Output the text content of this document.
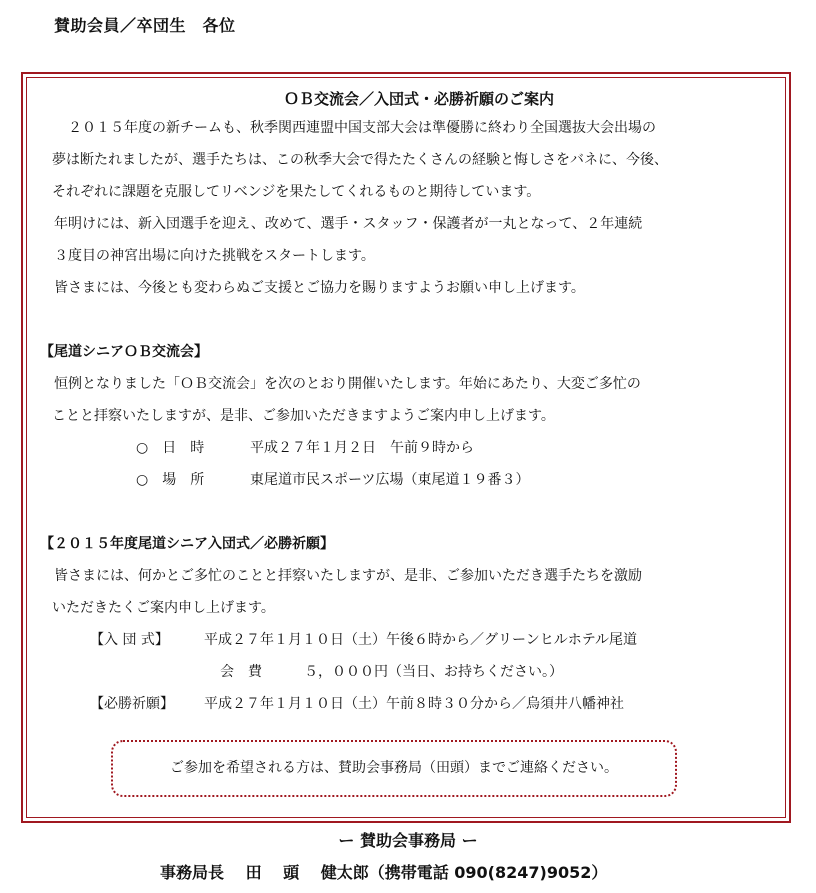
賛助会員／卒団生　各位
ＯＢ交流会／入団式・必勝祈願のご案内
２０１５年度の新チームも、秋季関西連盟中国支部大会は準優勝に終わり全国選抜大会出場の
夢は断たれましたが、選手たちは、この秋季大会で得たたくさんの経験と悔しさをバネに、今後、
それぞれに課題を克服してリベンジを果たしてくれるものと期待しています。
年明けには、新入団選手を迎え、改めて、選手・スタッフ・保護者が一丸となって、２年連続
３度目の神宮出場に向けた挑戦をスタートします。
皆さまには、今後とも変わらぬご支援とご協力を賜りますようお願い申し上げます。
【尾道シニアＯＢ交流会】
恒例となりました「ＯＢ交流会」を次のとおり開催いたします。年始にあたり、大変ご多忙の
ことと拝察いたしますが、是非、ご参加いただきますようご案内申し上げます。
○　日　時	平成２７年１月２日　午前９時から
○　場　所	東尾道市民スポーツ広場（東尾道１９番３）
【２０１５年度尾道シニア入団式／必勝祈願】
皆さまには、何かとご多忙のことと拝察いたしますが、是非、ご参加いただき選手たちを激励
いただきたくご案内申し上げます。
【入 団 式】	平成２７年１月１０日（土）午後６時から／グリーンヒルホテル尾道
会　費	５，０００円（当日、お持ちください。）
【必勝祈願】 平成２７年１月１０日（土）午前８時３０分から／烏須井八幡神社
ご参加を希望される方は、賛助会事務局（田頭）までご連絡ください。
ー 賛助会事務局 ー
事務局長　 田　 頭　 健太郎（携帯電話 090(8247)9052）
